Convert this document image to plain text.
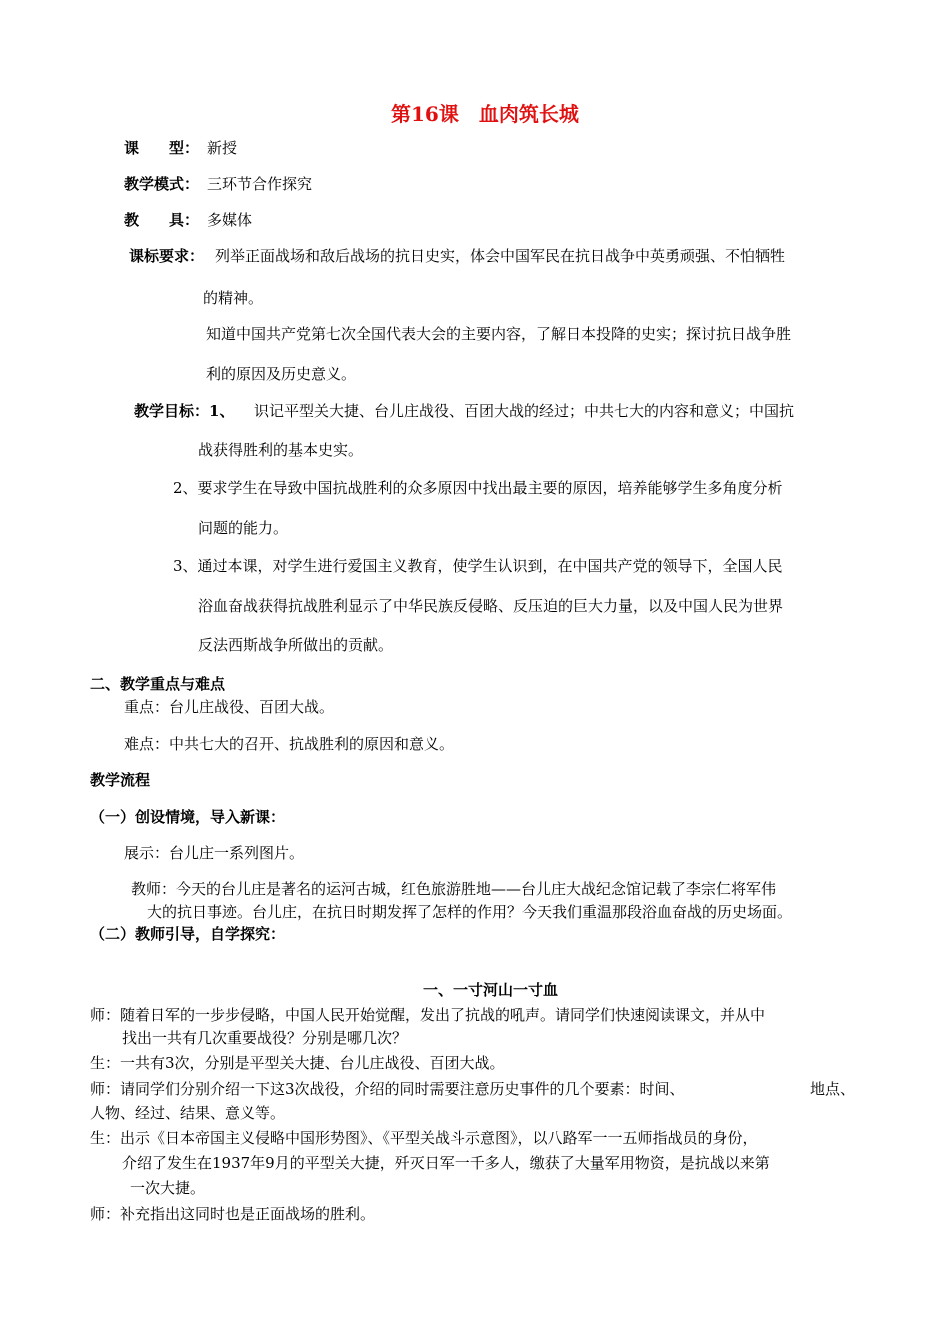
第16课　血肉筑长城
课　　型： 新授
教学模式： 三环节合作探究
教　　具： 多媒体
课标要求： 列举正面战场和敌后战场的抗日史实，体会中国军民在抗日战争中英勇顽强、不怕牺牲
的精神。
知道中国共产党第七次全国代表大会的主要内容，了解日本投降的史实；探讨抗日战争胜
利的原因及历史意义。
教学目标：1、 识记平型关大捷、台儿庄战役、百团大战的经过；中共七大的内容和意义；中国抗
战获得胜利的基本史实。
2、要求学生在导致中国抗战胜利的众多原因中找出最主要的原因，培养能够学生多角度分析
问题的能力。
3、通过本课，对学生进行爱国主义教育，使学生认识到，在中国共产党的领导下，全国人民
浴血奋战获得抗战胜利显示了中华民族反侵略、反压迫的巨大力量，以及中国人民为世界
反法西斯战争所做出的贡献。
二、教学重点与难点
重点：台儿庄战役、百团大战。
难点：中共七大的召开、抗战胜利的原因和意义。
教学流程
（一）创设情境，导入新课：
展示：台儿庄一系列图片。
教师：今天的台儿庄是著名的运河古城，红色旅游胜地——台儿庄大战纪念馆记载了李宗仁将军伟
大的抗日事迹。台儿庄，在抗日时期发挥了怎样的作用？今天我们重温那段浴血奋战的历史场面。
（二）教师引导，自学探究：
一、一寸河山一寸血
师：随着日军的一步步侵略，中国人民开始觉醒，发出了抗战的吼声。请同学们快速阅读课文，并从中
找出一共有几次重要战役？分别是哪几次？
生：一共有3次，分别是平型关大捷、台儿庄战役、百团大战。
师：请同学们分别介绍一下这3次战役，介绍的同时需要注意历史事件的几个要素：时间、	地点、
人物、经过、结果、意义等。
生：出示《日本帝国主义侵略中国形势图》、《平型关战斗示意图》，以八路军一一五师指战员的身份，
介绍了发生在1937年9月的平型关大捷，歼灭日军一千多人，缴获了大量军用物资，是抗战以来第
一次大捷。
师：补充指出这同时也是正面战场的胜利。
